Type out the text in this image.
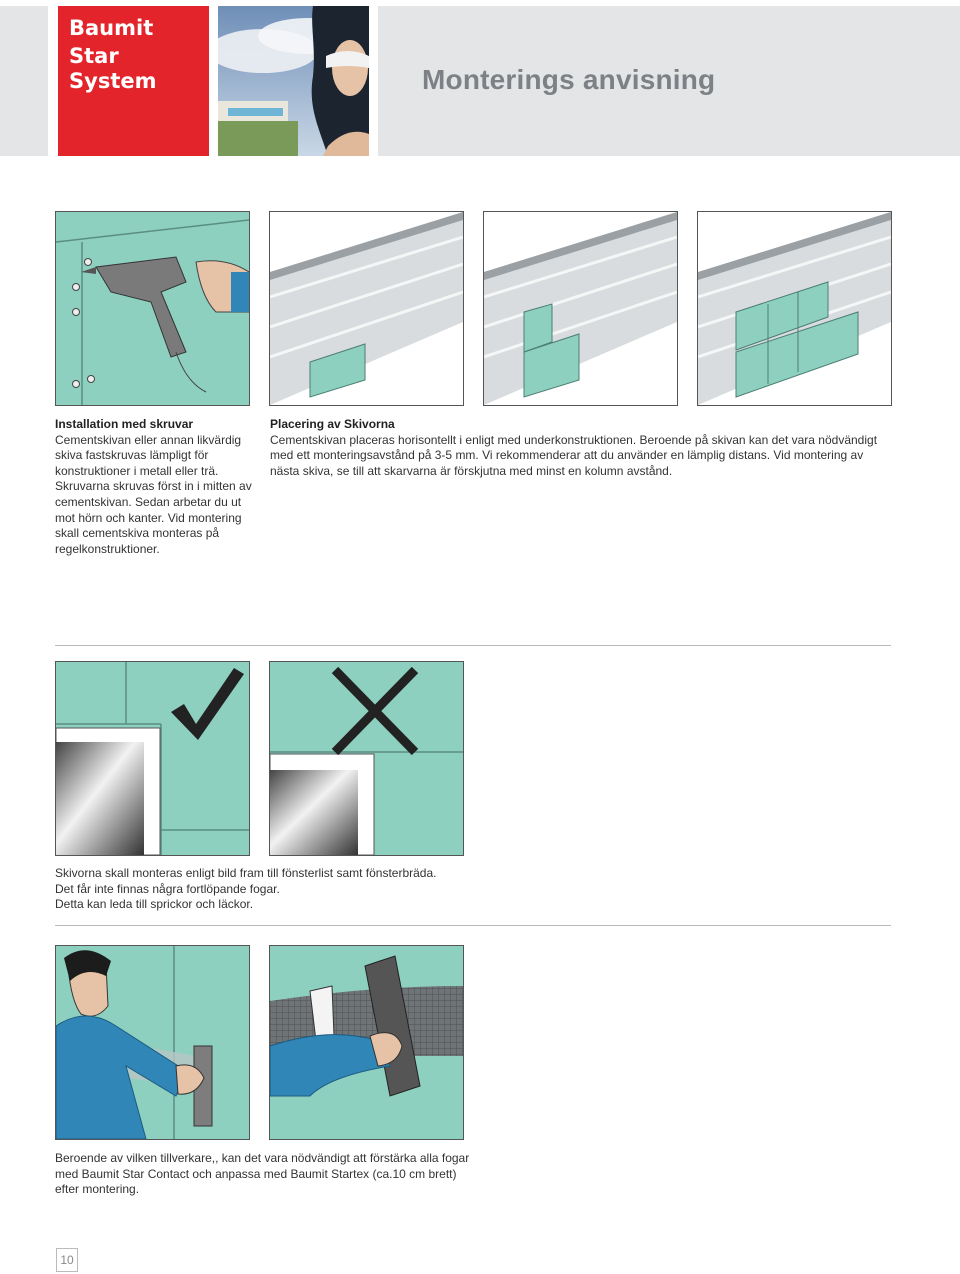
Baumit
Star System	Monterings anvisning
Installation med skruvar
Cementskivan eller annan likvärdig
skiva fastskruvas lämpligt för
konstruktioner i metall eller trä.
Skruvarna skruvas först in i mitten av
cementskivan. Sedan arbetar du ut
mot hörn och kanter. Vid montering
skall cementskiva monteras på
regelkonstruktioner.
Placering av Skivorna
Cementskivan placeras horisontellt i enligt med underkonstruktionen. Beroende på skivan kan det vara nödvändigt
med ett monteringsavstånd på 3-5 mm. Vi rekommenderar att du använder en lämplig distans. Vid montering av
nästa skiva, se till att skarvarna är förskjutna med minst en kolumn avstånd.
Skivorna skall monteras enligt bild fram till fönsterlist samt fönsterbräda.
Det får inte finnas några fortlöpande fogar.
Detta kan leda till sprickor och läckor.
Beroende av vilken tillverkare,, kan det vara nödvändigt att förstärka alla fogar
med Baumit Star Contact och anpassa med Baumit Startex (ca.10 cm brett)
efter montering.
10
